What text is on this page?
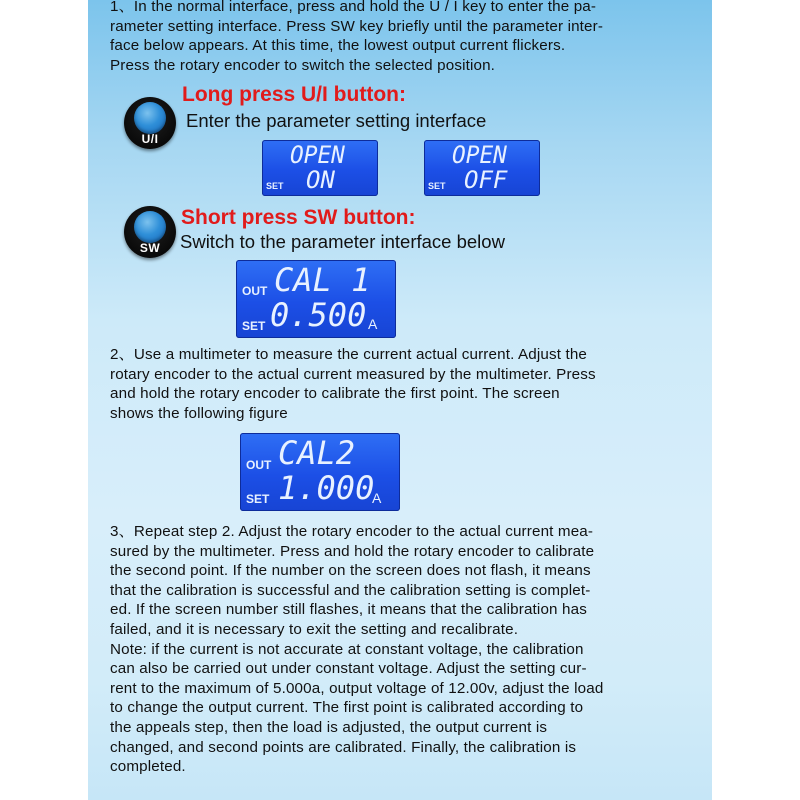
1、In the normal interface, press and hold the U / I key to enter the pa-
rameter setting interface. Press SW key briefly until the parameter inter-
face below appears. At this time, the lowest output current flickers.
Press the rotary encoder to switch the selected position.

U/I
Long press U/I button:
Enter the parameter setting interface
OPEN
SET ON
OPEN
SET OFF
SW
Short press SW button:
Switch to the parameter interface below
OUT CAL 1
SET 0.500 A

2、Use a multimeter to measure the current actual current. Adjust the
rotary encoder to the actual current measured by the multimeter. Press
and hold the rotary encoder to calibrate the first point. The screen
shows the following figure

OUT CAL2
SET 1.000
A

3、Repeat step 2. Adjust the rotary encoder to the actual current mea-
sured by the multimeter. Press and hold the rotary encoder to calibrate
the second point. If the number on the screen does not flash, it means
that the calibration is successful and the calibration setting is complet-
ed. If the screen number still flashes, it means that the calibration has
failed, and it is necessary to exit the setting and recalibrate.
Note: if the current is not accurate at constant voltage, the calibration
can also be carried out under constant voltage. Adjust the setting cur-
rent to the maximum of 5.000a, output voltage of 12.00v, adjust the load
to change the output current. The first point is calibrated according to
the appeals step, then the load is adjusted, the output current is
changed, and second points are calibrated. Finally, the calibration is
completed.
